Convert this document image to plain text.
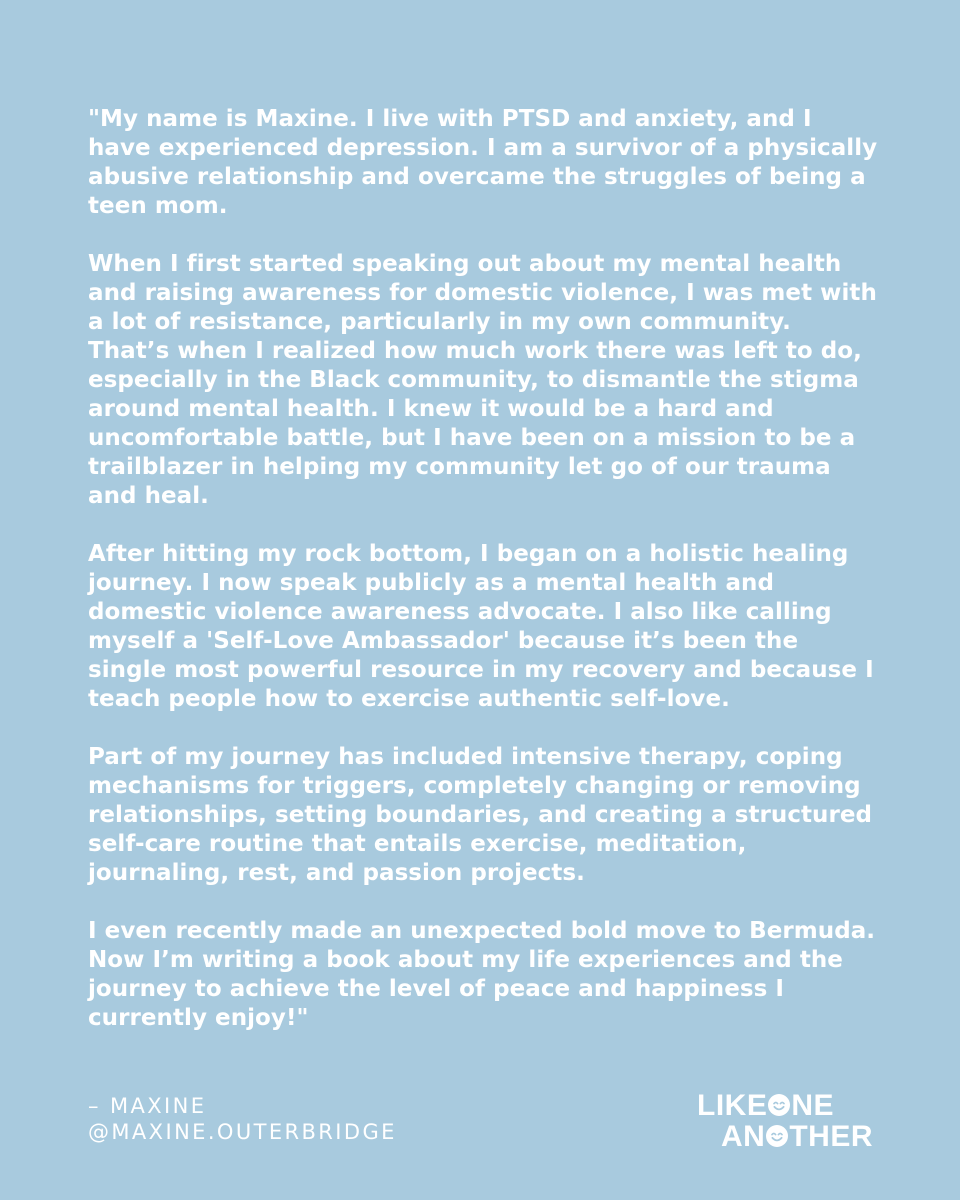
"My name is Maxine. I live with PTSD and anxiety, and I have experienced depression. I am a survivor of a physically abusive relationship and overcame the struggles of being a teen mom.

When I first started speaking out about my mental health and raising awareness for domestic violence, I was met with a lot of resistance, particularly in my own community. That’s when I realized how much work there was left to do, especially in the Black community, to dismantle the stigma around mental health. I knew it would be a hard and uncomfortable battle, but I have been on a mission to be a trailblazer in helping my community let go of our trauma and heal.

After hitting my rock bottom, I began on a holistic healing journey. I now speak publicly as a mental health and domestic violence awareness advocate. I also like calling myself a 'Self-Love Ambassador' because it’s been the single most powerful resource in my recovery and because I teach people how to exercise authentic self-love.

Part of my journey has included intensive therapy, coping mechanisms for triggers, completely changing or removing relationships, setting boundaries, and creating a structured self-care routine that entails exercise, meditation, journaling, rest, and passion projects.

I even recently made an unexpected bold move to Bermuda. Now I’m writing a book about my life experiences and the journey to achieve the level of peace and happiness I currently enjoy!"

– MAXINE
@MAXINE.OUTERBRIDGE
LIKE NE
AN THER
